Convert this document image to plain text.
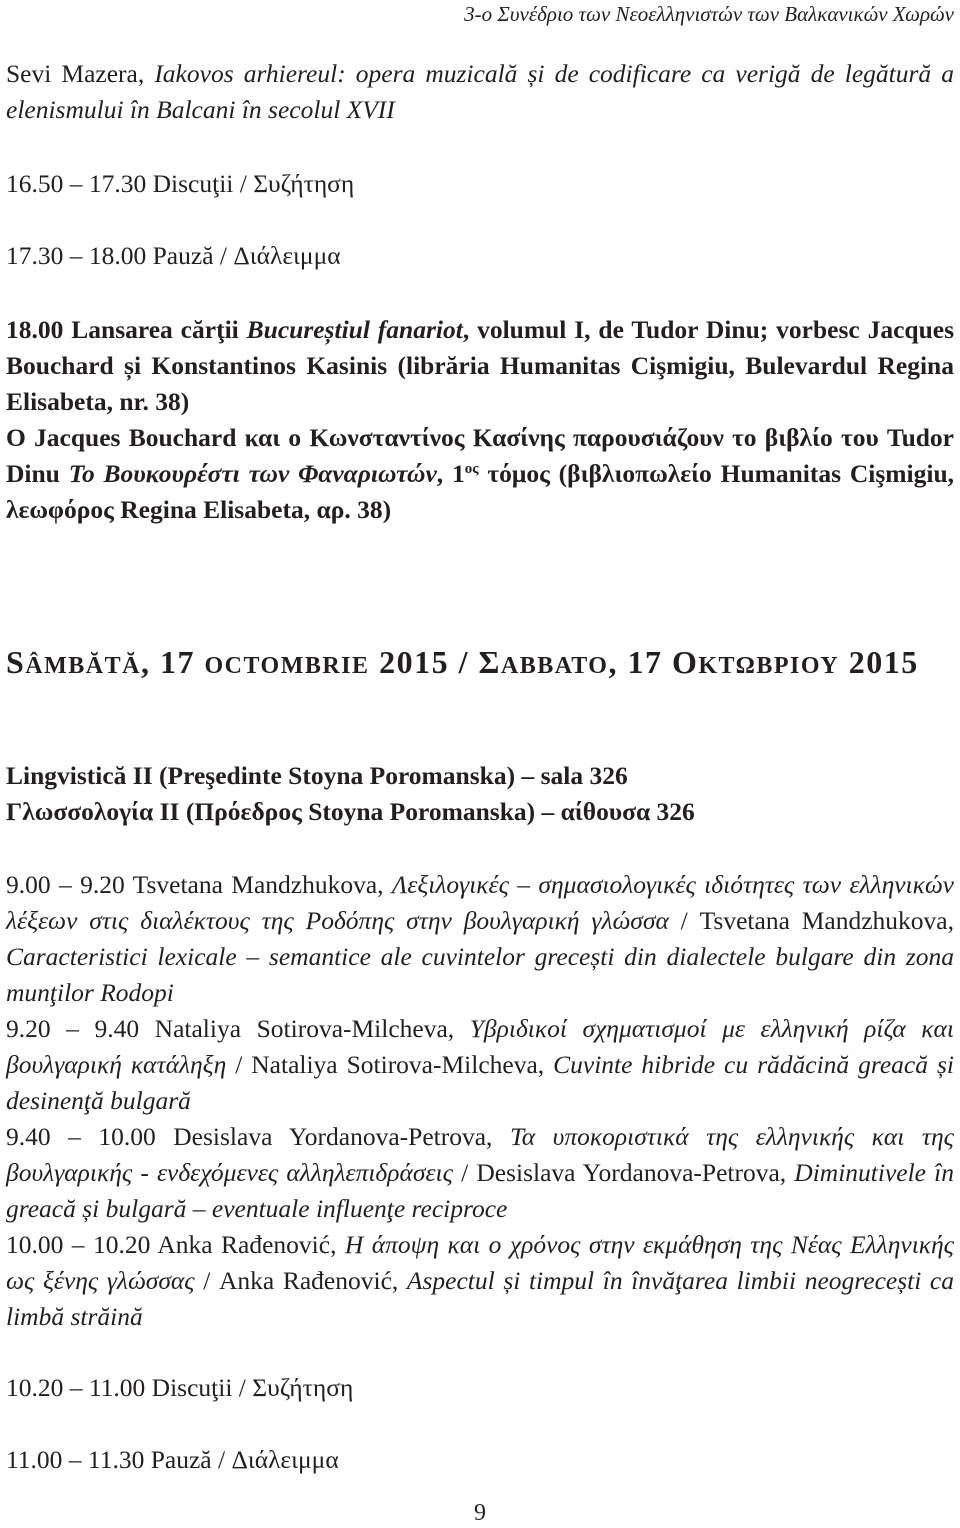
3-ο Συνέδριο των Νεοελληνιστών των Βαλκανικών Χωρών
Sevi Mazera, Iakovos arhiereul: opera muzicală și de codificare ca verigă de legătură a elenismului în Balcani în secolul XVII
16.50 ‒ 17.30 Discuţii / Συζήτηση
17.30 ‒ 18.00 Pauză / Διάλειμμα
18.00 Lansarea cărţii Bucureștiul fanariot, volumul I, de Tudor Dinu; vorbesc Jacques Bouchard și Konstantinos Kasinis (librăria Humanitas Cişmigiu, Bulevardul Regina Elisabeta, nr. 38)
Ο Jacques Bouchard και ο Κωνσταντίνος Κασίνης παρουσιάζουν το βιβλίο του Tudor Dinu Το Βουκουρέστι των Φαναριωτών, $1^{o\varsigma}$ τόμος (βιβλιοπωλείο Humanitas Cişmigiu, λεωφόρος Regina Elisabeta, αρ. 38)
SÂMBĂTĂ, 17 OCTOMBRIE 2015 / ΣΑΒΒΑΤΟ, 17 ΟΚΤΩΒΡΙΟΥ 2015
Lingvistică II (Preşedinte Stoyna Poromanska) ‒ sala 326
Γλωσσολογία II (Πρόεδρος Stoyna Poromanska) ‒ αίθουσα 326
9.00 ‒ 9.20 Tsvetana Mandzhukova, Λεξιλογικές ‒ σημασιολογικές ιδιότητες των ελληνικών λέξεων στις διαλέκτους της Ροδόπης στην βουλγαρική γλώσσα / Tsvetana Mandzhukova, Caracteristici lexicale ‒ semantice ale cuvintelor grecești din dialectele bulgare din zona munţilor Rodopi
9.20 ‒ 9.40 Nataliya Sotirova-Milcheva, Υβριδικοί σχηματισμοί με ελληνική ρίζα και βουλγαρική κατάληξη / Nataliya Sotirova-Milcheva, Cuvinte hibride cu rădăcină greacă și desinenţă bulgară
9.40 ‒ 10.00 Desislava Yordanova-Petrova, Τα υποκοριστικά της ελληνικής και της βουλγαρικής - ενδεχόμενες αλληλεπιδράσεις / Desislava Yordanova-Petrova, Diminutivele în greacă și bulgară ‒ eventuale influenţe reciproce
10.00 ‒ 10.20 Anka Rađenović, Η άποψη και ο χρόνος στην εκμάθηση της Νέας Ελληνικής ως ξένης γλώσσας / Anka Rađenović, Aspectul și timpul în învăţarea limbii neogrecești ca limbă străină
10.20 ‒ 11.00 Discuţii / Συζήτηση
11.00 ‒ 11.30 Pauză / Διάλειμμα
9
